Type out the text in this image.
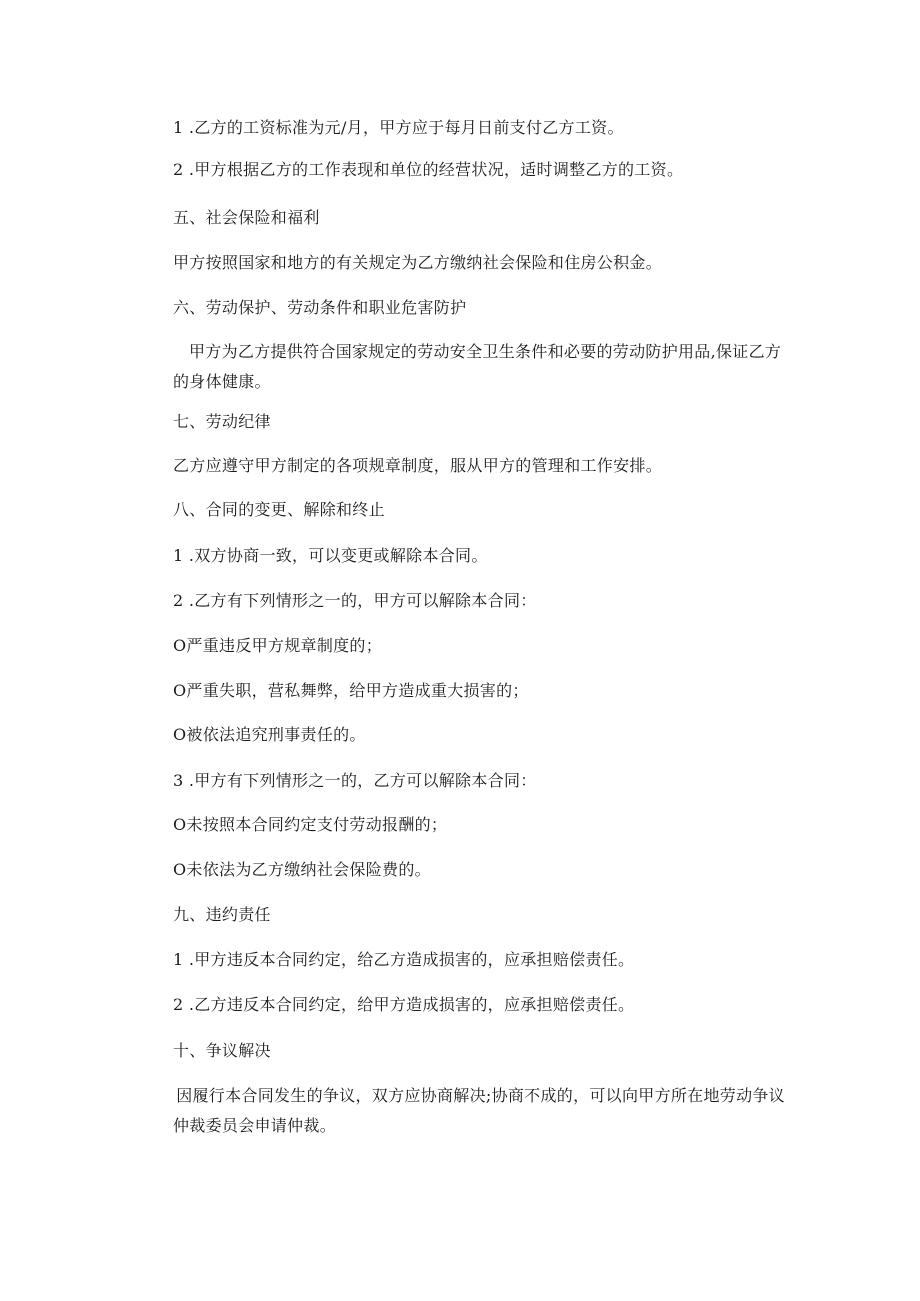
1 .乙方的工资标准为元/月，甲方应于每月日前支付乙方工资。
2 .甲方根据乙方的工作表现和单位的经营状况，适时调整乙方的工资。
五、社会保险和福利
甲方按照国家和地方的有关规定为乙方缴纳社会保险和住房公积金。
六、劳动保护、劳动条件和职业危害防护
甲方为乙方提供符合国家规定的劳动安全卫生条件和必要的劳动防护用品,保证乙方的身体健康。
七、劳动纪律
乙方应遵守甲方制定的各项规章制度，服从甲方的管理和工作安排。
八、合同的变更、解除和终止
1 .双方协商一致，可以变更或解除本合同。
2 .乙方有下列情形之一的，甲方可以解除本合同：
O严重违反甲方规章制度的；
O严重失职，营私舞弊，给甲方造成重大损害的；
O被依法追究刑事责任的。
3 .甲方有下列情形之一的，乙方可以解除本合同：
O未按照本合同约定支付劳动报酬的；
O未依法为乙方缴纳社会保险费的。
九、违约责任
1 .甲方违反本合同约定，给乙方造成损害的，应承担赔偿责任。
2 .乙方违反本合同约定，给甲方造成损害的，应承担赔偿责任。
十、争议解决
因履行本合同发生的争议，双方应协商解决;协商不成的，可以向甲方所在地劳动争议仲裁委员会申请仲裁。
